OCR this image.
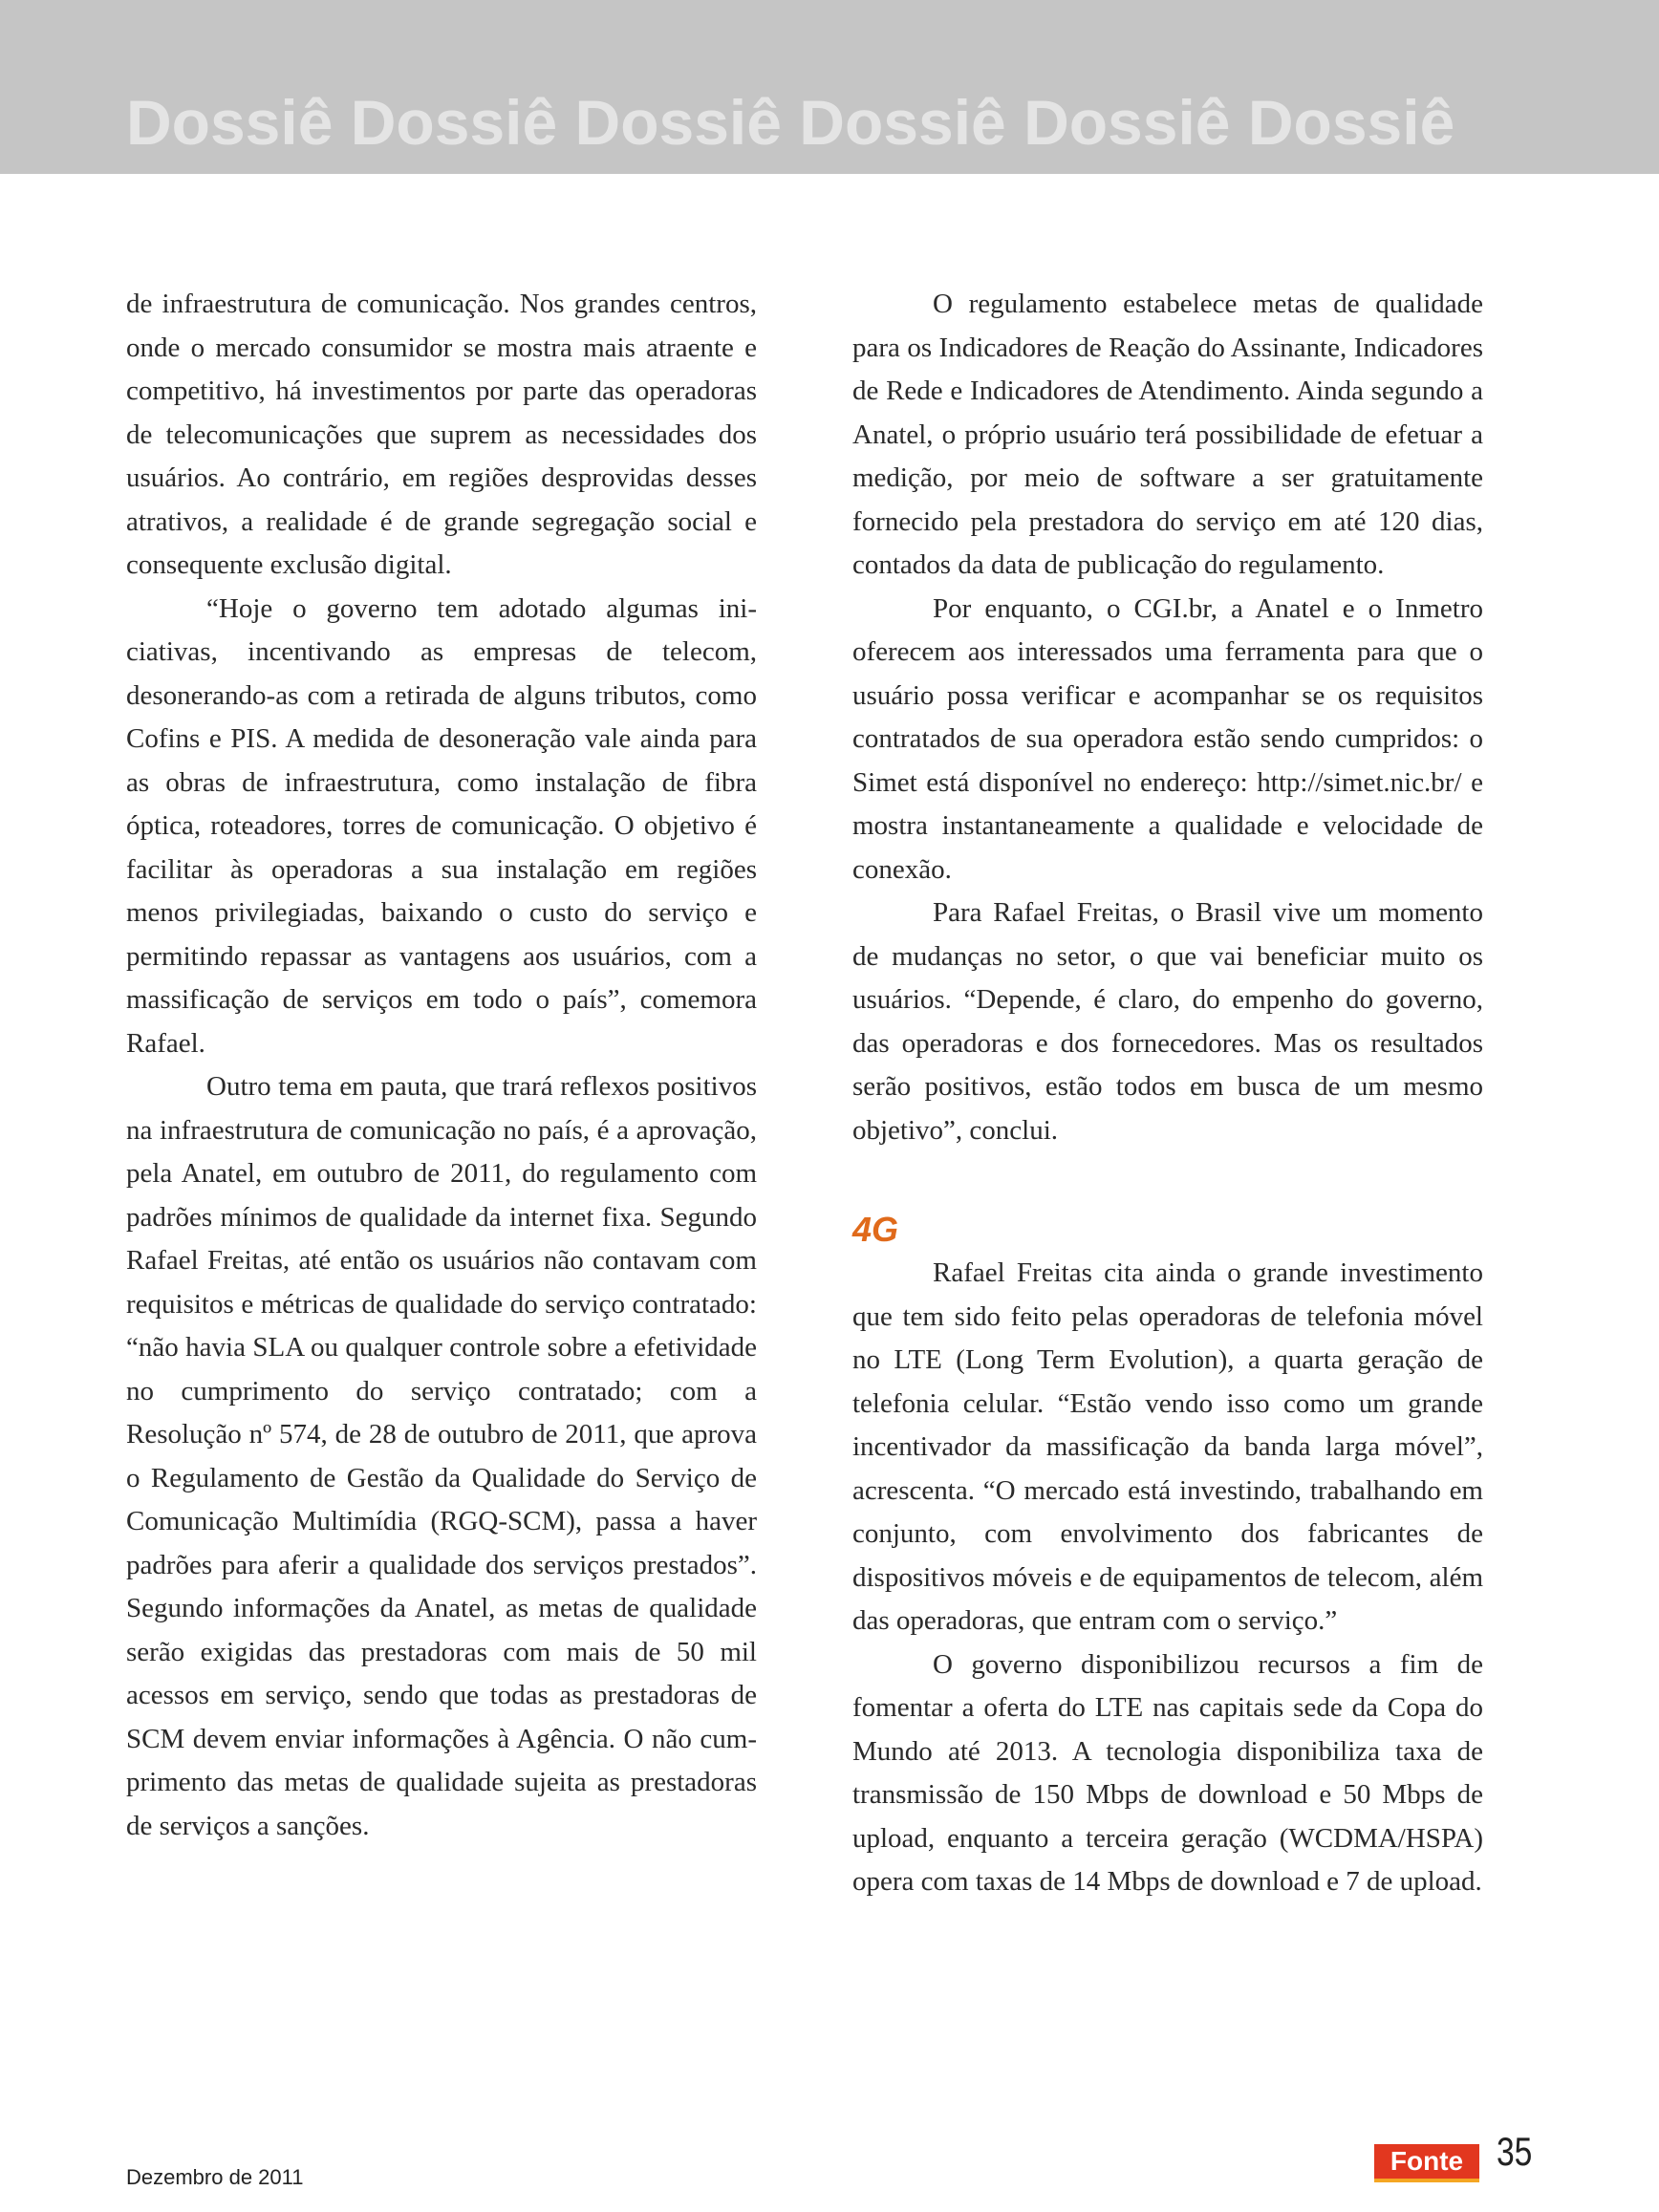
Dossiê Dossiê Dossiê Dossiê Dossiê Dossiê

de infraestrutura de comunicação. Nos grandes centros, onde o mercado consumidor se mostra mais atraente e competitivo, há investimentos por parte das operadoras de telecomunicações que suprem as necessidades dos usuários. Ao contrário, em regiões desprovidas desses atrativos, a realidade é de grande segregação social e consequente exclusão digital.

“Hoje o governo tem adotado algumas iniciativas, incentivando as empresas de telecom, desonerando-as com a retirada de alguns tributos, como Cofins e PIS. A medida de desoneração vale ainda para as obras de infraestrutura, como instalação de fibra óptica, roteadores, torres de comunicação. O objetivo é facilitar às operadoras a sua instalação em regiões menos privilegiadas, baixando o custo do serviço e permitindo repassar as vantagens aos usuários, com a massificação de serviços em todo o país”, comemora Rafael.

Outro tema em pauta, que trará reflexos positivos na infraestrutura de comunicação no país, é a aprovação, pela Anatel, em outubro de 2011, do regulamento com padrões mínimos de qualidade da internet fixa. Segundo Rafael Freitas, até então os usuários não contavam com requisitos e métricas de qualidade do serviço contratado: “não havia SLA ou qualquer controle sobre a efetividade no cumprimento do serviço contratado; com a Resolução nº 574, de 28 de outubro de 2011, que aprova o Regulamento de Gestão da Qualidade do Serviço de Comunicação Multimídia (RGQ-SCM), passa a haver padrões para aferir a qualidade dos serviços prestados”. Segundo informações da Anatel, as metas de qualidade serão exigidas das prestadoras com mais de 50 mil acessos em serviço, sendo que todas as prestadoras de SCM devem enviar informações à Agência. O não cumprimento das metas de qualidade sujeita as prestadoras de serviços a sanções.

O regulamento estabelece metas de qualidade para os Indicadores de Reação do Assinante, Indicadores de Rede e Indicadores de Atendimento. Ainda segundo a Anatel, o próprio usuário terá possibilidade de efetuar a medição, por meio de software a ser gratuitamente fornecido pela prestadora do serviço em até 120 dias, contados da data de publicação do regulamento.

Por enquanto, o CGI.br, a Anatel e o Inmetro oferecem aos interessados uma ferramenta para que o usuário possa verificar e acompanhar se os requisitos contratados de sua operadora estão sendo cumpridos: o Simet está disponível no endereço: http://simet.nic.br/ e mostra instantaneamente a qualidade e velocidade de conexão.

Para Rafael Freitas, o Brasil vive um momento de mudanças no setor, o que vai beneficiar muito os usuários. “Depende, é claro, do empenho do governo, das operadoras e dos fornecedores. Mas os resultados serão positivos, estão todos em busca de um mesmo objetivo”, conclui.

4G

Rafael Freitas cita ainda o grande investimento que tem sido feito pelas operadoras de telefonia móvel no LTE (Long Term Evolution), a quarta geração de telefonia celular. “Estão vendo isso como um grande incentivador da massificação da banda larga móvel”, acrescenta. “O mercado está investindo, trabalhando em conjunto, com envolvimento dos fabricantes de dispositivos móveis e de equipamentos de telecom, além das operadoras, que entram com o serviço.”

O governo disponibilizou recursos a fim de fomentar a oferta do LTE nas capitais sede da Copa do Mundo até 2013. A tecnologia disponibiliza taxa de transmissão de 150 Mbps de download e 50 Mbps de upload, enquanto a terceira geração (WCDMA/HSPA) opera com taxas de 14 Mbps de download e 7 de upload.

Dezembro de 2011
Fonte 35
